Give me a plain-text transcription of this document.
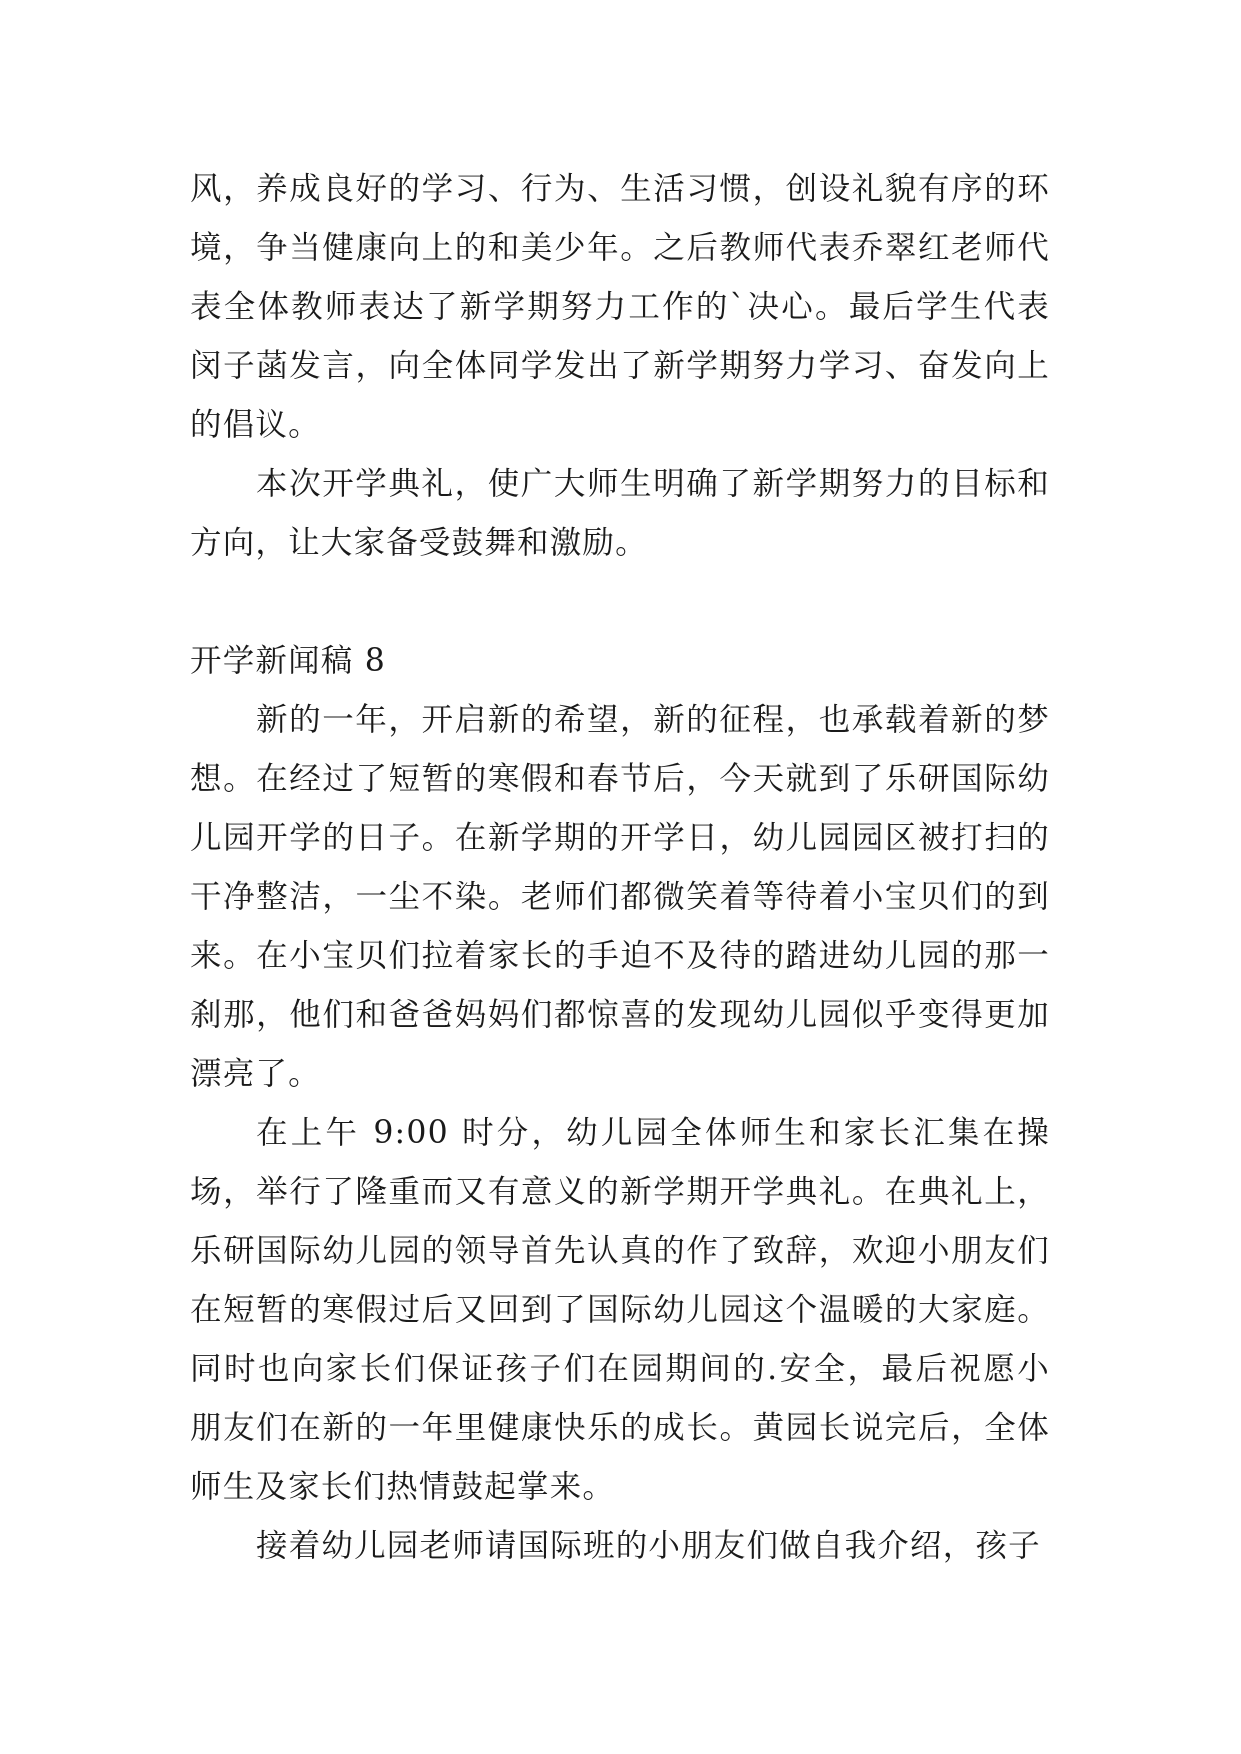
风，养成良好的学习、行为、生活习惯，创设礼貌有序的环境，争当健康向上的和美少年。之后教师代表乔翠红老师代表全体教师表达了新学期努力工作的`决心。最后学生代表闵子菡发言，向全体同学发出了新学期努力学习、奋发向上的倡议。

本次开学典礼，使广大师生明确了新学期努力的目标和方向，让大家备受鼓舞和激励。

开学新闻稿 8

新的一年，开启新的希望，新的征程，也承载着新的梦想。在经过了短暂的寒假和春节后，今天就到了乐研国际幼儿园开学的日子。在新学期的开学日，幼儿园园区被打扫的干净整洁，一尘不染。老师们都微笑着等待着小宝贝们的到来。在小宝贝们拉着家长的手迫不及待的踏进幼儿园的那一刹那，他们和爸爸妈妈们都惊喜的发现幼儿园似乎变得更加漂亮了。

在上午 9:00 时分，幼儿园全体师生和家长汇集在操场，举行了隆重而又有意义的新学期开学典礼。在典礼上，乐研国际幼儿园的领导首先认真的作了致辞，欢迎小朋友们在短暂的寒假过后又回到了国际幼儿园这个温暖的大家庭。同时也向家长们保证孩子们在园期间的.安全，最后祝愿小朋友们在新的一年里健康快乐的成长。黄园长说完后，全体师生及家长们热情鼓起掌来。

接着幼儿园老师请国际班的小朋友们做自我介绍，孩子
